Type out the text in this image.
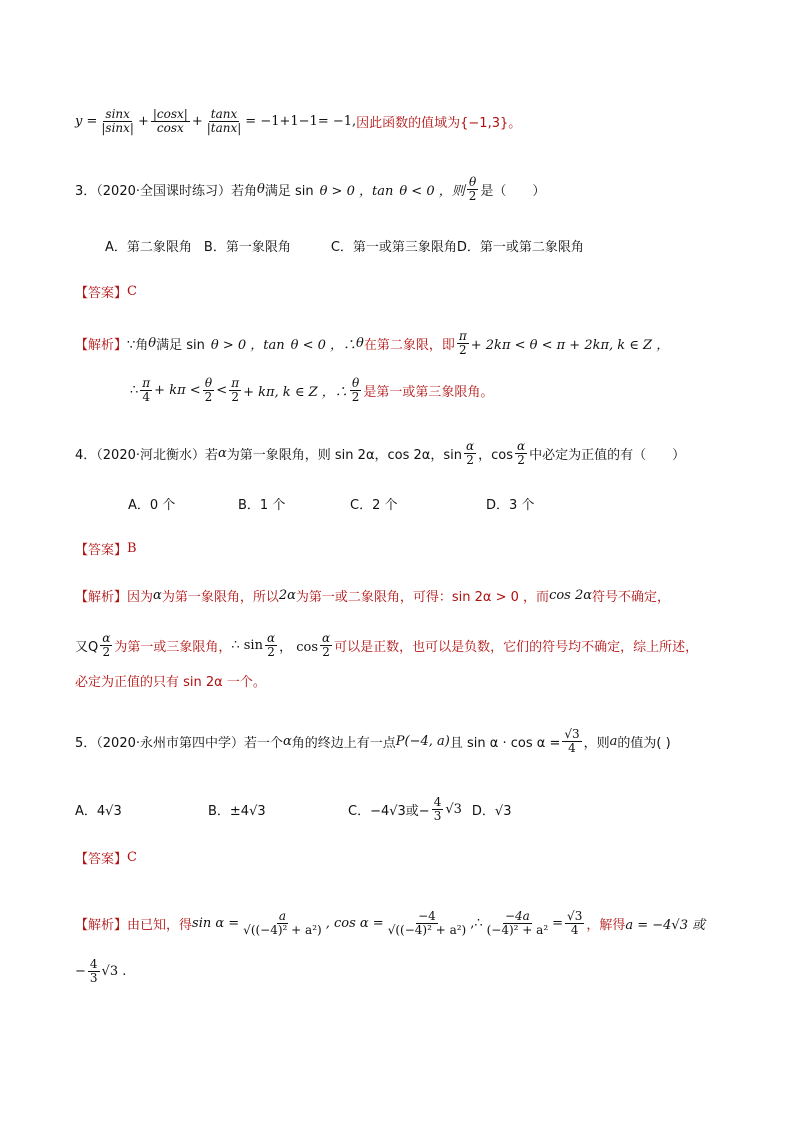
$y = \frac{\sin x}{|\sin x|} + \frac{|\cos x|}{\cos x} + \frac{\tan x}{|\tan x|} = -1+1-1= -1$, 因此函数的值域为{−1,3}。
3．（2020·全国课时练习）若角 θ 满足 sin θ > 0 ，tan θ < 0 ，则 $\frac{\theta}{2}$ 是（　　）
A．第二象限角 B．第一象限角	C．第一或第三象限角 D．第一或第二象限角
【答案】 C
【解析】 ∵角 θ 满足 sin θ > 0 ，tan θ < 0 ，∴ θ 在第二象限，即 $\frac{\pi}{2} + 2k\pi < \theta < \pi + 2k\pi$, k ∈ Z ，
∴ $\frac{\pi}{4} + k\pi < \frac{\theta}{2} < \frac{\pi}{2} + k\pi$, k ∈ Z ，∴ $\frac{\theta}{2}$ 是第一或第三象限角。
4．（2020·河北衡水）若 α 为第一象限角，则 sin 2α，cos 2α，$\sin \frac{\alpha}{2}$ ，$\cos \frac{\alpha}{2}$ 中必定为正值的有（　　）
A．0 个	B．1 个	C．2 个	D．3 个
【答案】 B
【解析】 因为 α 为第一象限角，所以 2α 为第一或二象限角，可得：sin 2α > 0 ，而 cos 2α 符号不确定，
又Q $\frac{\alpha}{2}$ 为第一或三象限角， ∴ $\sin \frac{\alpha}{2}$ ， $\cos \frac{\alpha}{2}$ 可以是正数，也可以是负数，它们的符号均不确定，综上所述，
必定为正值的只有 sin 2α 一个。
5．（2020·永州市第四中学）若一个 α 角的终边上有一点 P(−4, a) 且 $\sin \alpha \cdot \cos \alpha = \frac{√3}{4}$ ，则 a 的值为( )
A．4√3	B．±4√3	C．−4√3或− $\frac{4}{3} √3$ D．√3
【答案】 C
【解析】 由已知，得 $\sin \alpha = \frac{a}{\text{√((−4)² + a²)}}$ , $\cos \alpha = \frac{-4}{\text{√((−4)² + a²)}}$ ,∴ $\frac{-4a}{\text{(−4)² + a²}} = \frac{√3}{4}$ ，解得 a = −4√3 或
− $\frac{4}{3} √3$ .
